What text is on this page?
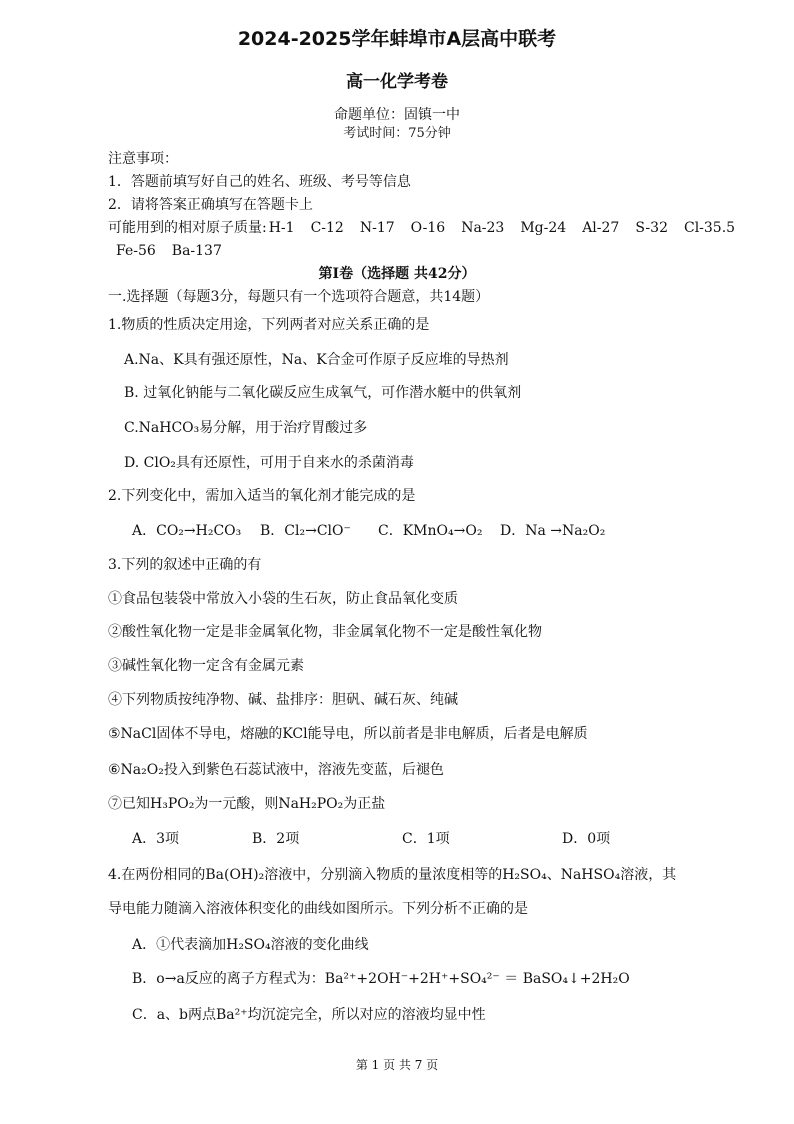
2024-2025学年蚌埠市A层高中联考
高一化学考卷
命题单位：固镇一中
考试时间：75分钟
注意事项：
1．答题前填写好自己的姓名、班级、考号等信息
2．请将答案正确填写在答题卡上
可能用到的相对原子质量: H-1 C-12 N-17 O-16 Na-23 Mg-24 Al-27 S-32 Cl-35.5
Fe-56 Ba-137
第Ⅰ卷（选择题 共42分）
一.选择题（每题3分，每题只有一个选项符合题意，共14题）
1.物质的性质决定用途，下列两者对应关系正确的是
A.Na、K具有强还原性，Na、K合金可作原子反应堆的导热剂
B. 过氧化钠能与二氧化碳反应生成氧气，可作潜水艇中的供氧剂
C.NaHCO₃易分解，用于治疗胃酸过多
D. ClO₂具有还原性，可用于自来水的杀菌消毒
2.下列变化中，需加入适当的氧化剂才能完成的是
A．CO₂→H₂CO₃ B．Cl₂→ClO⁻ C．KMnO₄→O₂ D．Na →Na₂O₂
3.下列的叙述中正确的有
①食品包装袋中常放入小袋的生石灰，防止食品氧化变质
②酸性氧化物一定是非金属氧化物，非金属氧化物不一定是酸性氧化物
③碱性氧化物一定含有金属元素
④下列物质按纯净物、碱、盐排序：胆矾、碱石灰、纯碱
⑤NaCl固体不导电，熔融的KCl能导电，所以前者是非电解质，后者是电解质
⑥Na₂O₂投入到紫色石蕊试液中，溶液先变蓝，后褪色
⑦已知H₃PO₂为一元酸，则NaH₂PO₂为正盐
A．3项	B．2项	C．1项	D．0项
4.在两份相同的Ba(OH)₂溶液中，分别滴入物质的量浓度相等的H₂SO₄、NaHSO₄溶液，其
导电能力随滴入溶液体积变化的曲线如图所示。下列分析不正确的是
A．①代表滴加H₂SO₄溶液的变化曲线
B．o→a反应的离子方程式为：Ba²⁺+2OH⁻+2H⁺+SO₄²⁻ ＝ BaSO₄↓+2H₂O
C．a、b两点Ba²⁺均沉淀完全，所以对应的溶液均显中性
第 1 页 共 7 页
